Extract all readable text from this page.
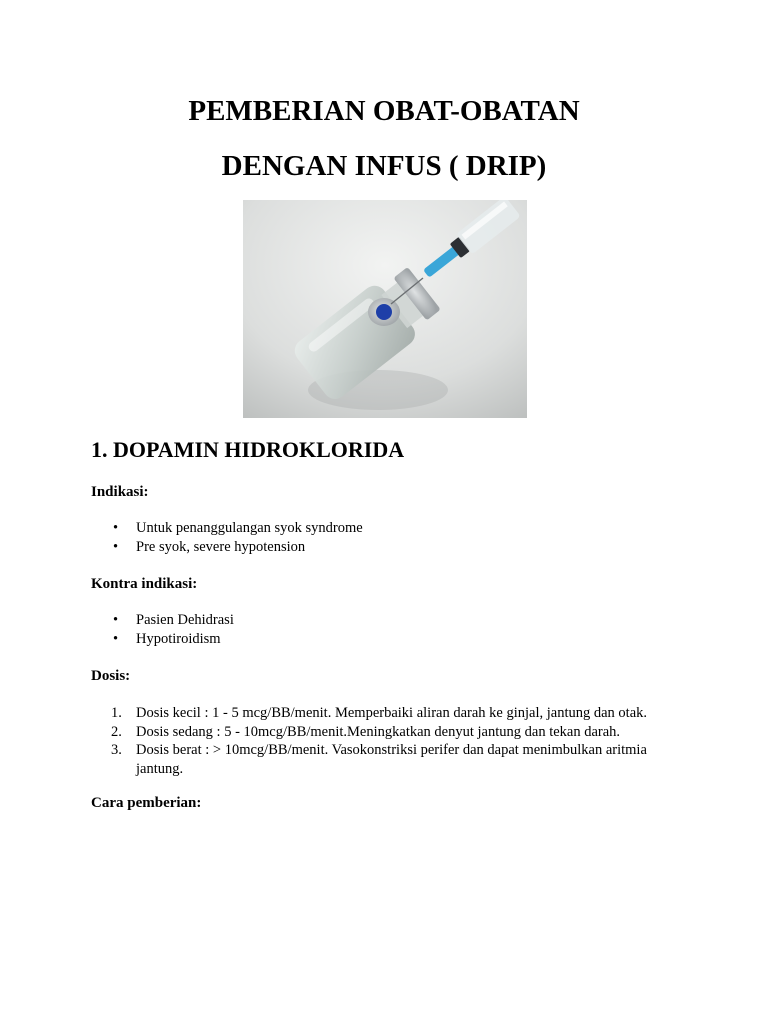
PEMBERIAN OBAT-OBATAN
DENGAN INFUS ( DRIP)
1. DOPAMIN HIDROKLORIDA
Indikasi:
• Untuk penanggulangan syok syndrome
• Pre syok, severe hypotension
Kontra indikasi:
• Pasien Dehidrasi
• Hypotiroidism
Dosis:
1. Dosis kecil : 1 - 5 mcg/BB/menit. Memperbaiki aliran darah ke ginjal, jantung dan otak.
2. Dosis sedang : 5 - 10mcg/BB/menit.Meningkatkan denyut jantung dan tekan darah.
3. Dosis berat : > 10mcg/BB/menit. Vasokonstriksi perifer dan dapat menimbulkan aritmia jantung.
Cara pemberian:
